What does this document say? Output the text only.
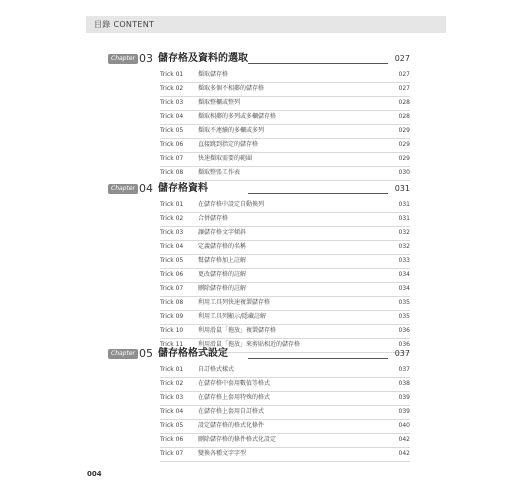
目錄 CONTENT
Chapter 03 儲存格及資料的選取	027
Trick 01	擷取儲存格	027
Trick 02	擷取多個不相鄰的儲存格	027
Trick 03	擷取整欄或整列	028
Trick 04	擷取相鄰的多列或多欄儲存格	028
Trick 05	擷取不連續的多欄或多列	029
Trick 06	直接跳到指定的儲存格	029
Trick 07	快速擷取需要的範圍	029
Trick 08	擷取整張工作表	030
Chapter 04 儲存格資料	031
Trick 01	在儲存格中設定自動換列	031
Trick 02	合併儲存格	031
Trick 03	讓儲存格文字傾斜	032
Trick 04	定義儲存格的名稱	032
Trick 05	幫儲存格加上註解	033
Trick 06	更改儲存格的註解	034
Trick 07	刪除儲存格的註解	034
Trick 08	利用工具列快速複製儲存格	035
Trick 09	利用工具列顯示/隱藏註解	035
Trick 10	利用滑鼠「拖放」複製儲存格	036
Trick 11	利用滑鼠「拖放」來剪貼相近的儲存格	036
Chapter 05 儲存格格式設定	037
Trick 01	自訂格式樣式	037
Trick 02	在儲存格中套用數值等格式	038
Trick 03	在儲存格上套用特殊的格式	039
Trick 04	在儲存格上套用自訂格式	039
Trick 05	設定儲存格的格式化條件	040
Trick 06	刪除儲存格的條件格式化設定	042
Trick 07	變換各種文字字型	042
004
